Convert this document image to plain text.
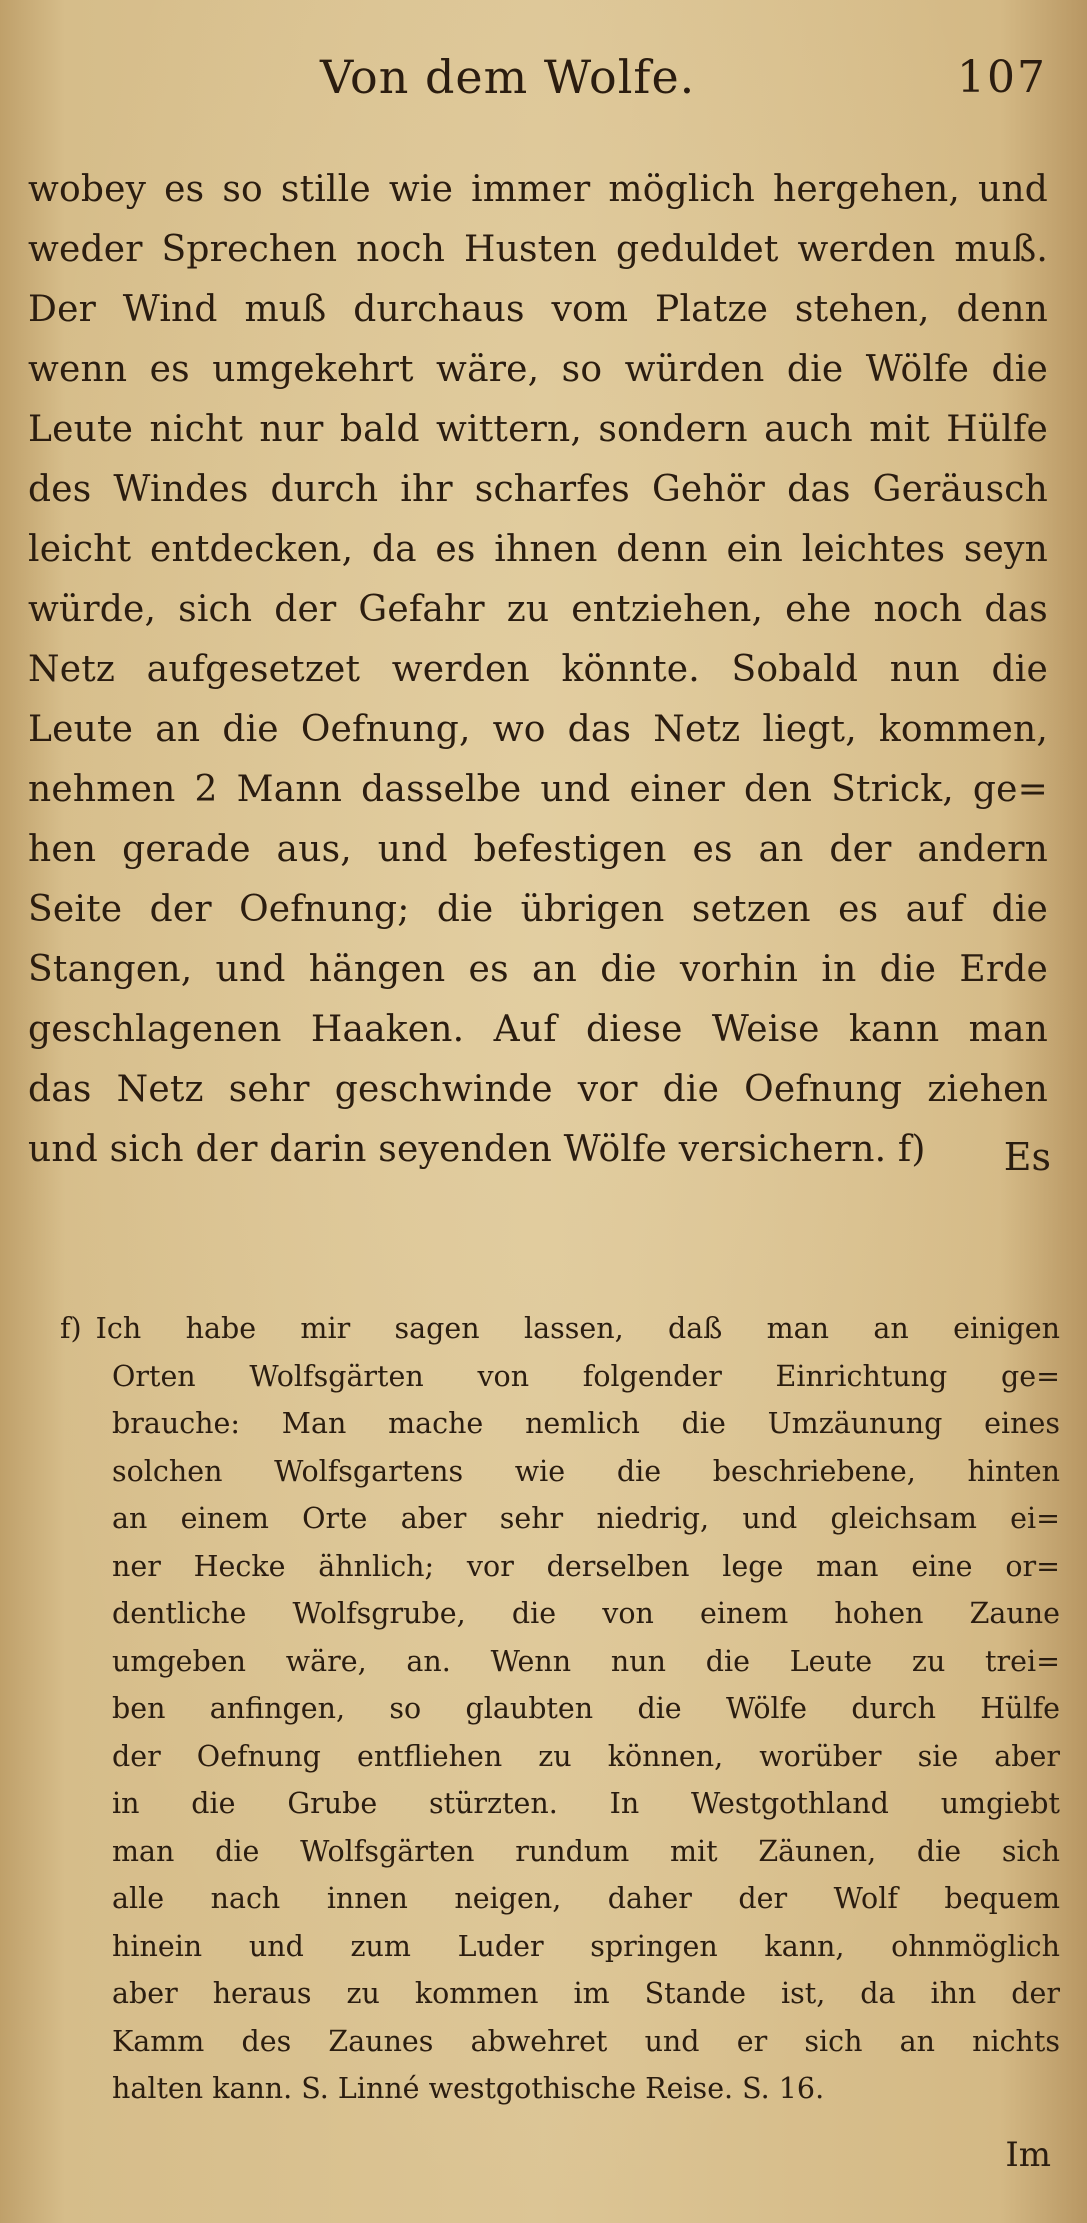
Von dem Wolfe.	107
wobey es so stille wie immer möglich hergehen, und
weder Sprechen noch Husten geduldet werden muß.
Der Wind muß durchaus vom Platze stehen, denn
wenn es umgekehrt wäre, so würden die Wölfe die
Leute nicht nur bald wittern, sondern auch mit Hülfe
des Windes durch ihr scharfes Gehör das Geräusch
leicht entdecken, da es ihnen denn ein leichtes seyn
würde, sich der Gefahr zu entziehen, ehe noch das
Netz aufgesetzet werden könnte. Sobald nun die
Leute an die Oefnung, wo das Netz liegt, kommen,
nehmen 2 Mann dasselbe und einer den Strick, ge=
hen gerade aus, und befestigen es an der andern
Seite der Oefnung; die übrigen setzen es auf die
Stangen, und hängen es an die vorhin in die Erde
geschlagenen Haaken. Auf diese Weise kann man
das Netz sehr geschwinde vor die Oefnung ziehen
und sich der darin seyenden Wölfe versichern. f)	Es
f) Ich habe mir sagen lassen, daß man an einigen
Orten Wolfsgärten von folgender Einrichtung ge=
brauche: Man mache nemlich die Umzäunung eines
solchen Wolfsgartens wie die beschriebene, hinten
an einem Orte aber sehr niedrig, und gleichsam ei=
ner Hecke ähnlich; vor derselben lege man eine or=
dentliche Wolfsgrube, die von einem hohen Zaune
umgeben wäre, an. Wenn nun die Leute zu trei=
ben anfingen, so glaubten die Wölfe durch Hülfe
der Oefnung entfliehen zu können, worüber sie aber
in die Grube stürzten. In Westgothland umgiebt
man die Wolfsgärten rundum mit Zäunen, die sich
alle nach innen neigen, daher der Wolf bequem
hinein und zum Luder springen kann, ohnmöglich
aber heraus zu kommen im Stande ist, da ihn der
Kamm des Zaunes abwehret und er sich an nichts
halten kann. S. Linné westgothische Reise. S. 16.
Im
